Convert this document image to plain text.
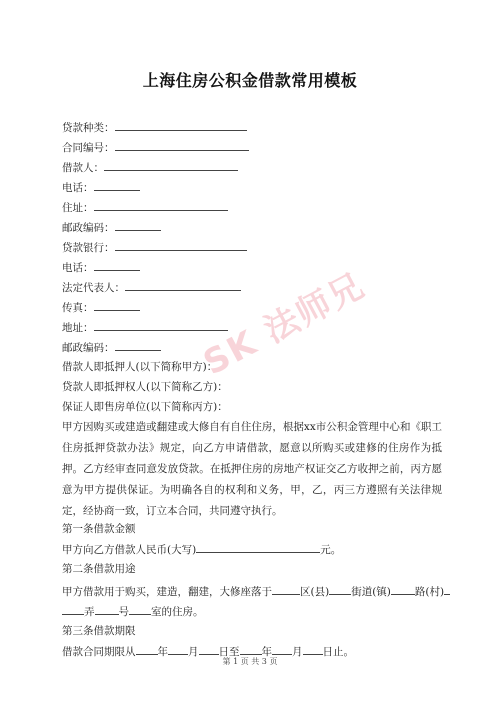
SK 法师兄
上海住房公积金借款常用模板
贷款种类：
合同编号：
借款人：
电话：
住址：
邮政编码：
贷款银行：
电话：
法定代表人：
传真：
地址：
邮政编码：
借款人即抵押人(以下简称甲方)：
贷款人即抵押权人(以下简称乙方)：
保证人即售房单位(以下简称丙方)：
甲方因购买或建造或翻建或大修自有自住住房，根据xx市公积金管理中心和《职工住房抵押贷款办法》规定，向乙方申请借款，愿意以所购买或建修的住房作为抵押。乙方经审查同意发放贷款。在抵押住房的房地产权证交乙方收押之前，丙方愿意为甲方提供保证。为明确各自的权利和义务，甲，乙，丙三方遵照有关法律规定，经协商一致，订立本合同，共同遵守执行。
第一条借款金额
甲方向乙方借款人民币(大写)	元。
第二条借款用途
甲方借款用于购买，建造，翻建，大修座落于	区(县) 街道(镇) 路(村)
弄 号 室的住房。
第三条借款期限
借款合同期限从 年 月 日至 年 月 日止。
第 1 页 共 3 页
